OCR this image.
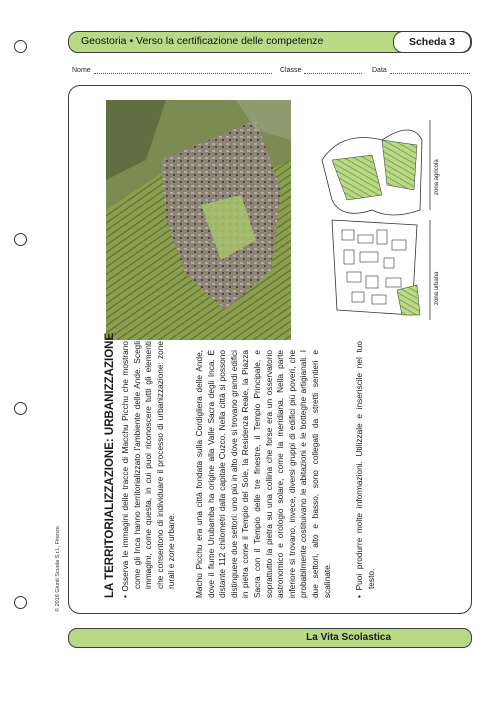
Geostoria • Verso la certificazione delle competenze	Scheda 3
Nome	Classe	Data
zona agricola
zona urbana
LA TERRITORIALIZZAZIONE: URBANIZZAZIONE • Osserva le immagini delle tracce di Macchu Picchu che mostrano come gli Inca hanno territorializzato l'ambiente delle Ande. Scegli immagini, come questa, in cui puoi riconoscere tutti gli elementi che consentono di individuare il processo di urbanizzazione: zone rurali e zone urbane. Machu Picchu era una città fondata sulla Cordigliera delle Ande, dove il fiume Urubamba ha origine alla Valle Sacra degli Inca. È distante 112 chilometri dalla capitale Cuzco. Nella città si possono distinguere due settori: uno più in alto dove si trovano grandi edifici in pietra come il Tempio del Sole, la Residenza Reale, la Piazza Sacra con il Tempio delle tre finestre, il Tempio Principale, e soprattutto la pietra su una collina che forse era un osservatorio astronomico e orologio solare, come la meridiana. Nella parte inferiore si trovano, invece, diversi gruppi di edifici più poveri, che probabilmente costituivano le abitazioni e le botteghe artigianali. I due settori, alto e basso, sono collegati da stretti sentieri e scalinate.	• Puoi produrre molte informazioni. Utilizzale e inseriscile nel tuo testo.
© 2016 Giunti Scuola S.r.l., Firenze
La Vita Scolastica
